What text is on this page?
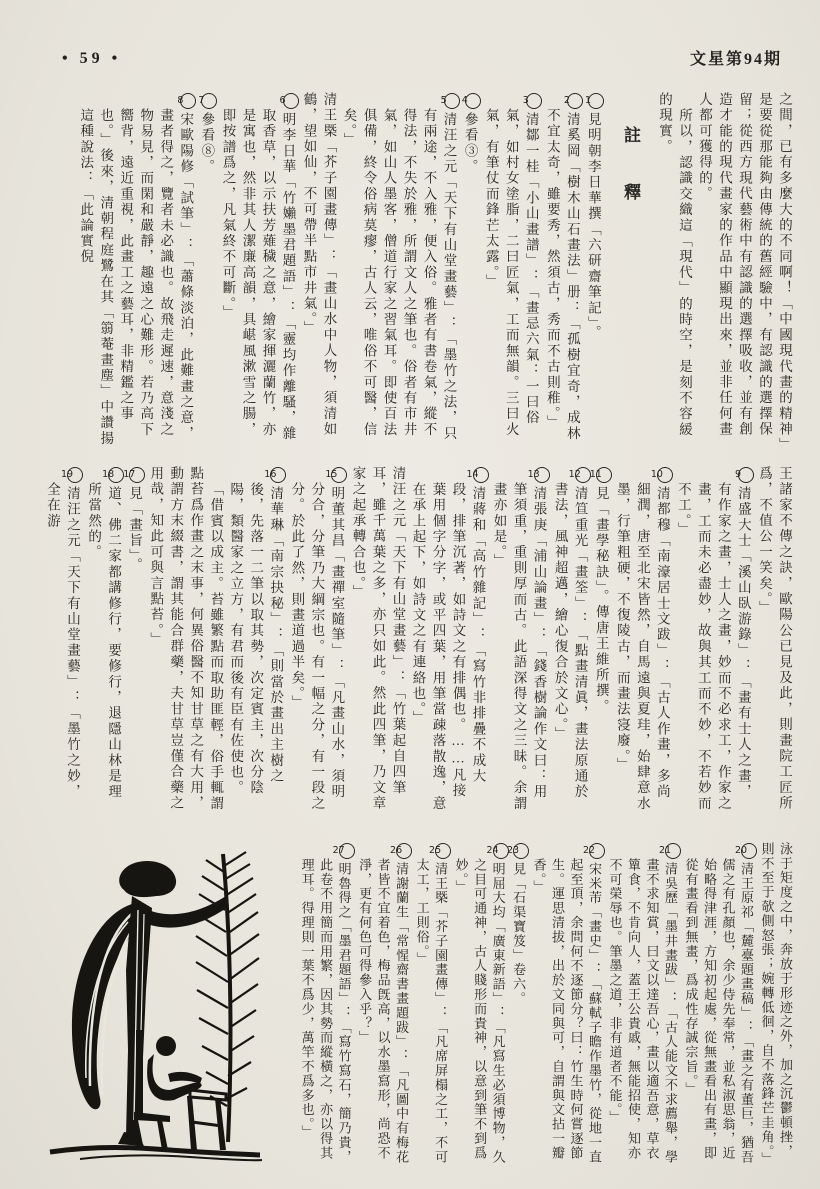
• 59 •	文星第94期

之間，已有多麼大的不同啊！「中國現代畫的精神」是要從那能夠由傳統的舊經驗中，有認識的選擇保留；從西方現代藝術中有認識的選擇吸收，並有創造才能的現代畫家的作品中顯現出來，並非任何畫人都可獲得的。

所以，認識交織這「現代」的時空，是刻不容緩的現實。

註釋

1見明朝李日華撰「六研齋筆記」。

2清奚岡「樹木山石畫法」册：「孤樹宜奇，成林不宜太奇，雖要秀，然須古，秀而不古則稚。」

3清鄒一桂「小山畫譜」：「畫忌六氣：一曰俗氣，如村女塗脂，二曰匠氣，工而無韻。三曰火氣，有筆仗而鋒芒太露。」

4參看③。

5清汪之元「天下有山堂畫藝」：「墨竹之法，只有兩途，不入雅，便入俗。雅者有書卷氣，縱不得法，不失於雅，所謂文人之筆也。俗者有市井氣，如山人墨客，僧道行家之習氣耳。即使百法俱備，終令俗病莫瘳，古人云，唯俗不可醫，信矣。」

清王槩「芥子園畫傳」：「畫山水中人物，須清如鶴，望如仙，不可帶半點市井氣。」

6明李日華「竹嬾墨君題語」：「靈均作離騷，雜取香草，以示扶芳薙穢之意，繪家揮灑蘭竹，亦是寓也，然非其人潔廉高韻，具嵁風漱雪之腸，即按譜爲之，凡氣終不可斷。」

7參看⑧。

8宋歐陽修「試筆」：「蕭條淡泊，此難畫之意，畫者得之，覽者未必識也。故飛走遲速，意淺之物易見，而閑和嚴靜，趣遠之心難形。若乃高下嚮背，遠近重視，此畫工之藝耳，非精鑑之事也。」後來，清朝程庭鷺在其「篛菴畫塵」中讚揚這種說法：「此論實倪

王諸家不傳之訣，歐陽公已見及此，則畫院工匠所爲，不值公一笑矣。」

9清盛大士「溪山臥游錄」：「畫有士人之畫，有作家之畫，士人之畫，妙而不必求工，作家之畫，工而未必盡妙，故與其工而不妙，不若妙而不工。」

10清都穆「南濠居士文跋」：「古人作畫，多尚細潤，唐至北宋皆然，自馬遠與夏珪，始肆意水墨，行筆粗硬，不復陵古，而畫法寖廢。」

11見「畫學秘訣」。傳唐王維所撰。

12清笪重光「畫筌」：「點畫清眞，畫法原通於書法，風神超邁，繪心復合於文心。」

13清張庚「浦山論畫」：「錢香樹論作文曰：用筆須重，重則厚而古。此語深得文之三昧。余謂畫亦如是。」

14清蔣和「高竹雜記」：「寫竹非排疊不成大段，排筆沉著，如詩文之有排偶也。……凡接葉用個字分字，或平四葉，用筆當疎落散逸，意在承上起下，如詩文之有連絡也。」

清汪之元「天下有山堂畫藝」：「竹葉起自四筆耳，雖千萬葉之多，亦只如此。然此四筆，乃文章家之起承轉合也。」

15明董其昌「畫禪室隨筆」：「凡畫山水，須明分合，分筆乃大綱宗也。有一幅之分，有一段之分。於此了然，則畫道過半矣。」

16清華琳「南宗抉秘」：「則當於畫出主樹之後，先落一二筆以取其勢，次定賓主，次分陰陽，類醫家之立方，有君而後有臣有佐使也。

「借賓以成主。苔雖繁點而取助匪輕，俗手輒謂點苔爲作畫之末事，何異俗醫不知甘草之有大用，動謂方末綴書，謂其能合群藥，夫甘草豈僅合藥之用哉，知此可與言點苔。」

17見「畫旨」。

18道、佛二家都講修行，要修行，退隱山林是理所當然的。

19清汪之元「天下有山堂畫藝」：「墨竹之妙，全在游

泳于矩度之中，奔放于形迹之外，加之沉鬱頓挫，則不至于欹側怒張；婉轉低徊，自不落鋒芒圭角。」

20清王原祁「麓臺題畫稿」：「畫之有董巨，猶吾儒之有孔顏也，余少侍先奉常，並私淑思翁，近始略得津涯，方知初起處，從無畫看出有畫，即從有畫看到無畫，爲成性存誠宗旨。」

21清吳歷「墨井畫跋」：「古人能文不求薦舉，學畫不求知賞，曰文以達吾心，畫以適吾意，草衣簞食，不肯向人，蓋王公貴戚，無能招使，知亦不可榮辱也。筆墨之道，非有道者不能。」

22宋米芾「畫史」：「蘇軾子瞻作墨竹，從地一直起至頂，余問何不逐節分？曰：竹生時何嘗逐節生。運思清拔，出於文同與可，自謂與文拈一瓣香。」

23見「石渠寶笈」卷六。

24明屈大均「廣東新語」：「凡寫生必須博物，久之目可通神，古人賤形而貴神，以意到筆不到爲妙。」

25清王槩「芥子園畫傳」：「凡席屏榻之工，不可太工，工則俗。」

26清謝蘭生「常惺齋書畫題跋」：「凡圖中有梅花者皆不宜着色，梅品旣高，以水墨寫形，尚恐不淨，更有何色可得參入乎？」

27明魯得之「墨君題語」：「寫竹寫石，簡乃貴，此卷不用簡而用繁，因其勢而縱橫之，亦以得其理耳。得理則一葉不爲少，萬竿不爲多也。」
